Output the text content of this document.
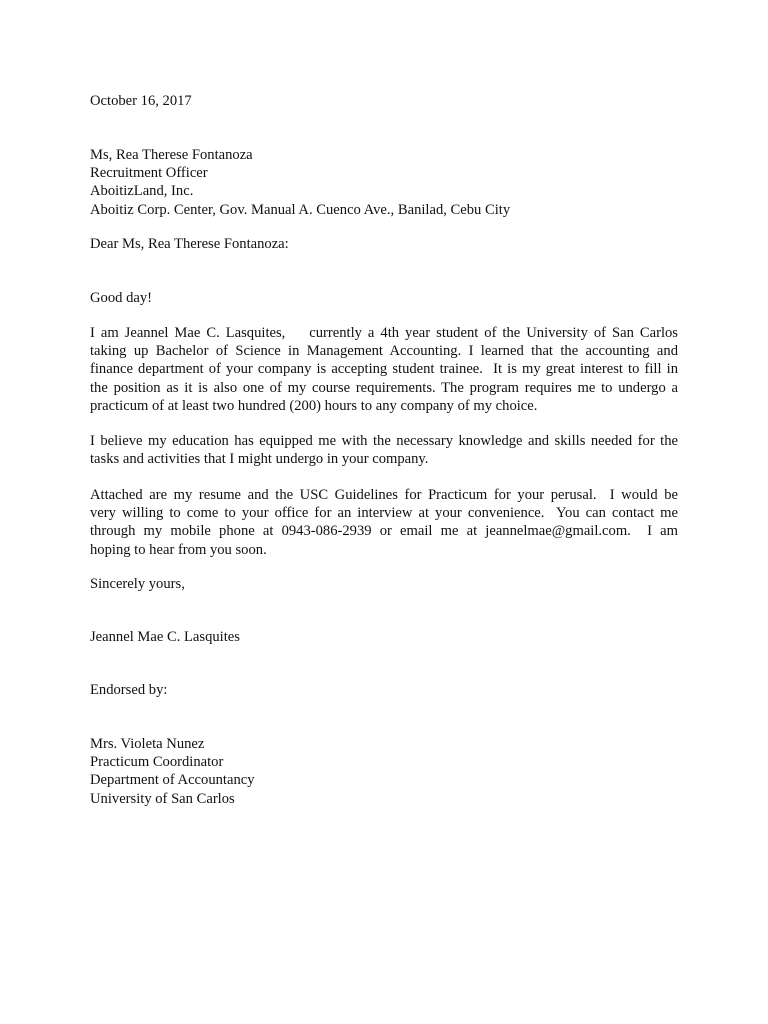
October 16, 2017
Ms, Rea Therese Fontanoza
Recruitment Officer
AboitizLand, Inc.
Aboitiz Corp. Center, Gov. Manual A. Cuenco Ave., Banilad, Cebu City
Dear Ms, Rea Therese Fontanoza:
Good day!
I am Jeannel Mae C. Lasquites,    currently a 4th year student of the University of San Carlos
taking up Bachelor of Science in Management Accounting. I learned that the accounting and
finance department of your company is accepting student trainee.  It is my great interest to fill in
the position as it is also one of my course requirements. The program requires me to undergo a
practicum of at least two hundred (200) hours to any company of my choice.
I believe my education has equipped me with the necessary knowledge and skills needed for the
tasks and activities that I might undergo in your company.
Attached are my resume and the USC Guidelines for Practicum for your perusal.  I would be
very willing to come to your office for an interview at your convenience.  You can contact me
through my mobile phone at 0943-086-2939 or email me at jeannelmae@gmail.com.  I am
hoping to hear from you soon.
Sincerely yours,
Jeannel Mae C. Lasquites
Endorsed by:
Mrs. Violeta Nunez
Practicum Coordinator
Department of Accountancy
University of San Carlos
